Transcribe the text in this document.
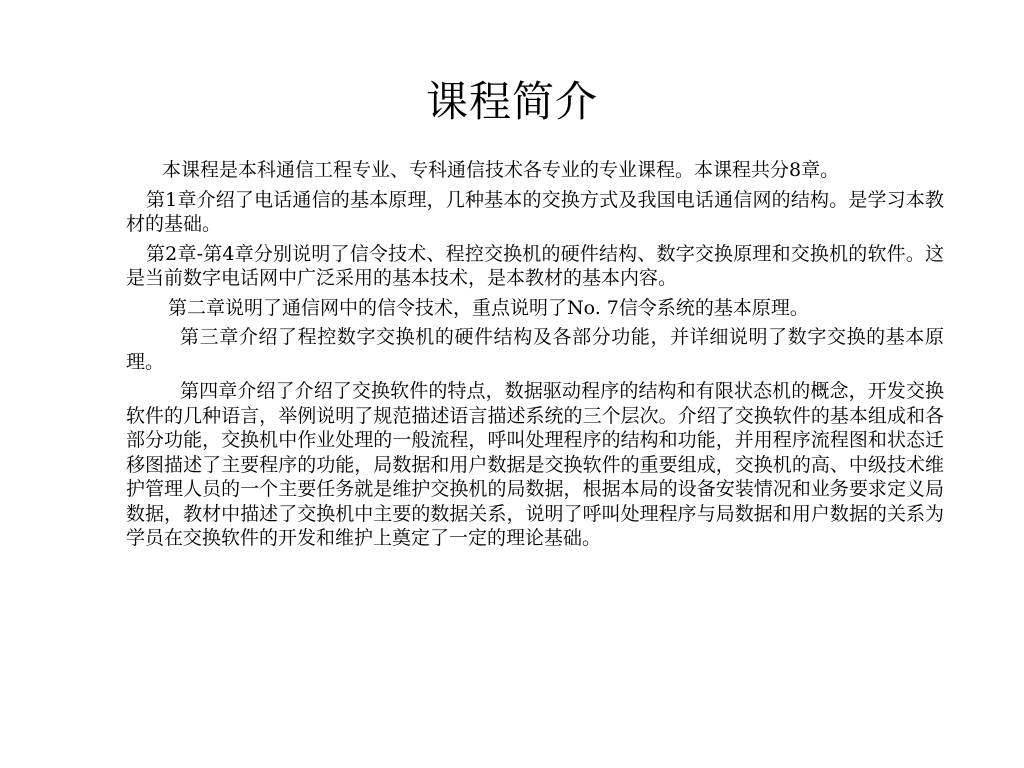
课程简介

本课程是本科通信工程专业、专科通信技术各专业的专业课程。本课程共分8章。

第1章介绍了电话通信的基本原理，几种基本的交换方式及我国电话通信网的结构。是学习本教材的基础。

第2章-第4章分别说明了信令技术、程控交换机的硬件结构、数字交换原理和交换机的软件。这是当前数字电话网中广泛采用的基本技术，是本教材的基本内容。

第二章说明了通信网中的信令技术，重点说明了No. 7信令系统的基本原理。

第三章介绍了程控数字交换机的硬件结构及各部分功能，并详细说明了数字交换的基本原理。

第四章介绍了介绍了交换软件的特点，数据驱动程序的结构和有限状态机的概念，开发交换软件的几种语言，举例说明了规范描述语言描述系统的三个层次。介绍了交换软件的基本组成和各部分功能，交换机中作业处理的一般流程，呼叫处理程序的结构和功能，并用程序流程图和状态迁移图描述了主要程序的功能，局数据和用户数据是交换软件的重要组成，交换机的高、中级技术维护管理人员的一个主要任务就是维护交换机的局数据，根据本局的设备安装情况和业务要求定义局数据，教材中描述了交换机中主要的数据关系，说明了呼叫处理程序与局数据和用户数据的关系为学员在交换软件的开发和维护上奠定了一定的理论基础。
